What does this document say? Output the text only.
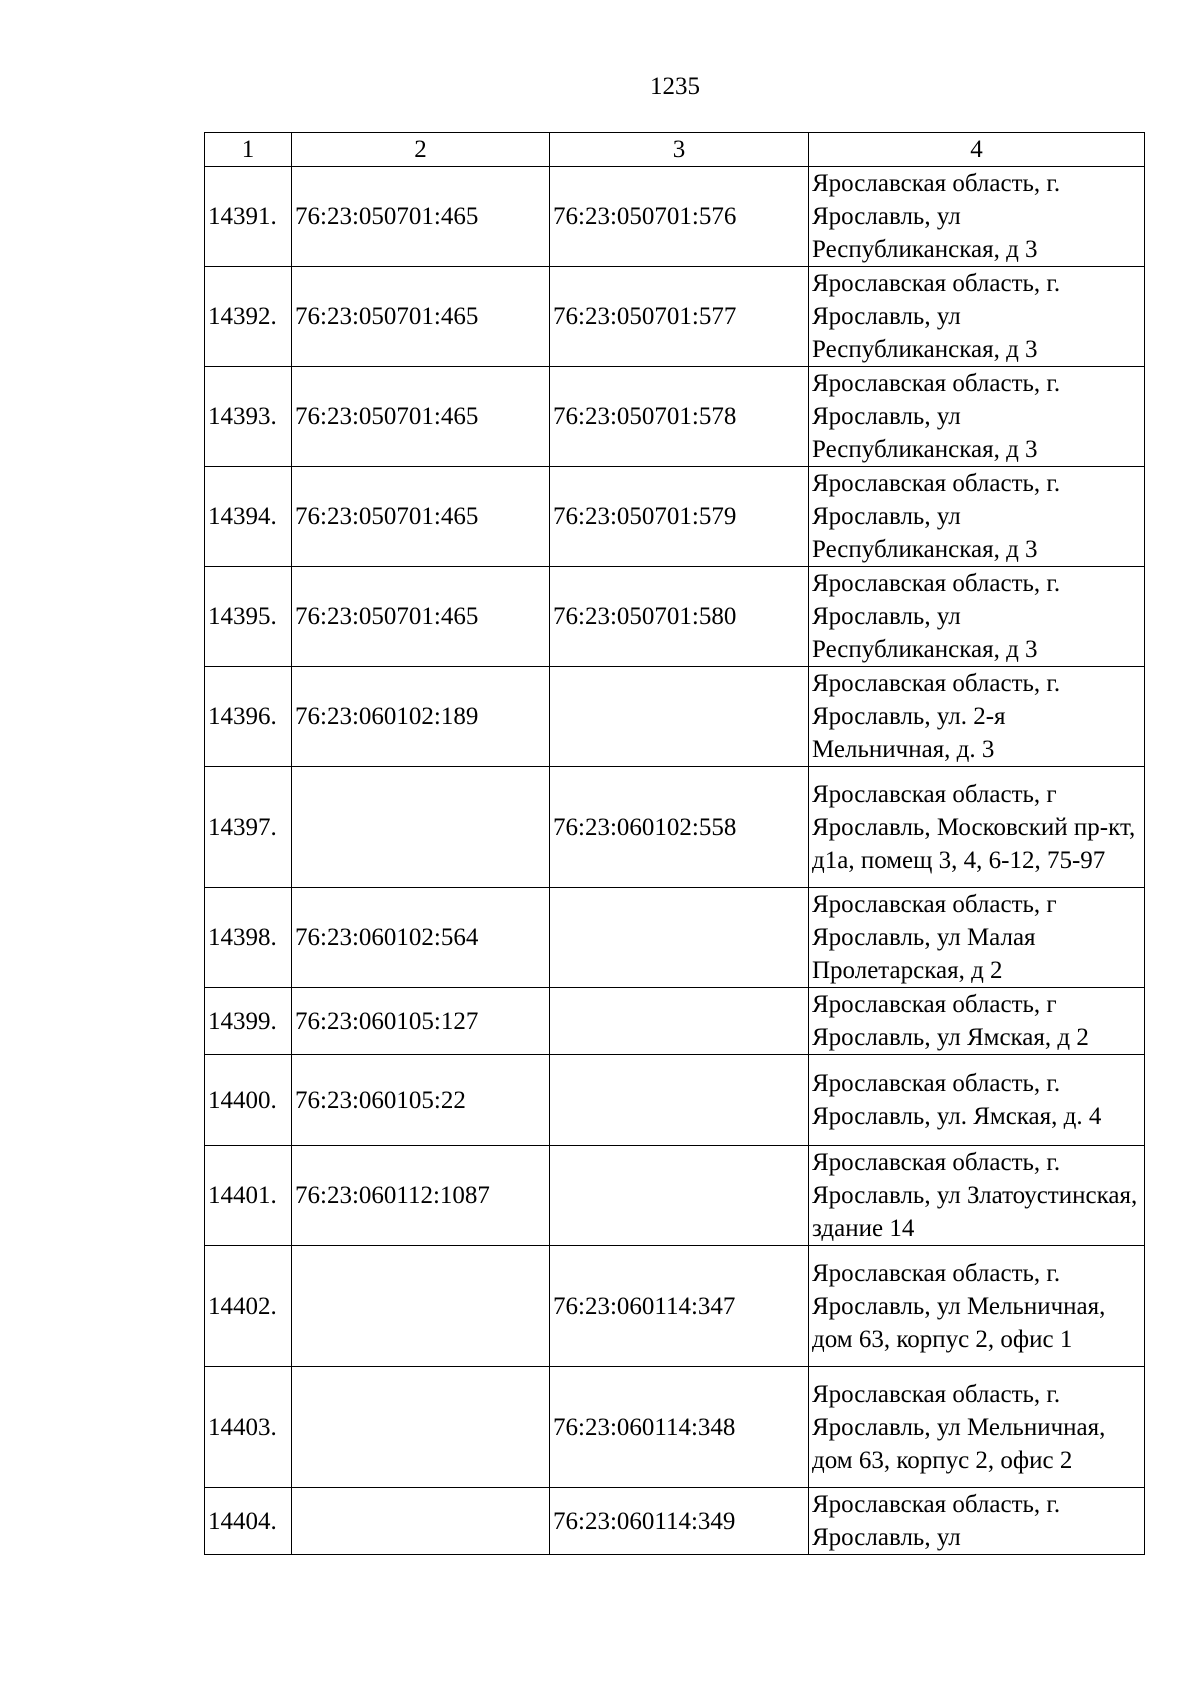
1235
1	2	3	4
14391.	76:23:050701:465	76:23:050701:576	Ярославская область, г. Ярославль, ул Республиканская, д 3
14392.	76:23:050701:465	76:23:050701:577	Ярославская область, г. Ярославль, ул Республиканская, д 3
14393.	76:23:050701:465	76:23:050701:578	Ярославская область, г. Ярославль, ул Республиканская, д 3
14394.	76:23:050701:465	76:23:050701:579	Ярославская область, г. Ярославль, ул Республиканская, д 3
14395.	76:23:050701:465	76:23:050701:580	Ярославская область, г. Ярославль, ул Республиканская, д 3
14396.	76:23:060102:189		Ярославская область, г. Ярославль, ул. 2-я Мельничная, д. 3
14397.		76:23:060102:558	Ярославская область, г Ярославль, Московский пр-кт, д1а, помещ 3, 4, 6-12, 75-97
14398.	76:23:060102:564		Ярославская область, г Ярославль, ул Малая Пролетарская, д 2
14399.	76:23:060105:127		Ярославская область, г Ярославль, ул Ямская, д 2
14400.	76:23:060105:22		Ярославская область, г. Ярославль, ул. Ямская, д. 4
14401.	76:23:060112:1087		Ярославская область, г. Ярославль, ул Златоустинская, здание 14
14402.		76:23:060114:347	Ярославская область, г. Ярославль, ул Мельничная, дом 63, корпус 2, офис 1
14403.		76:23:060114:348	Ярославская область, г. Ярославль, ул Мельничная, дом 63, корпус 2, офис 2
14404.		76:23:060114:349	Ярославская область, г. Ярославль, ул
